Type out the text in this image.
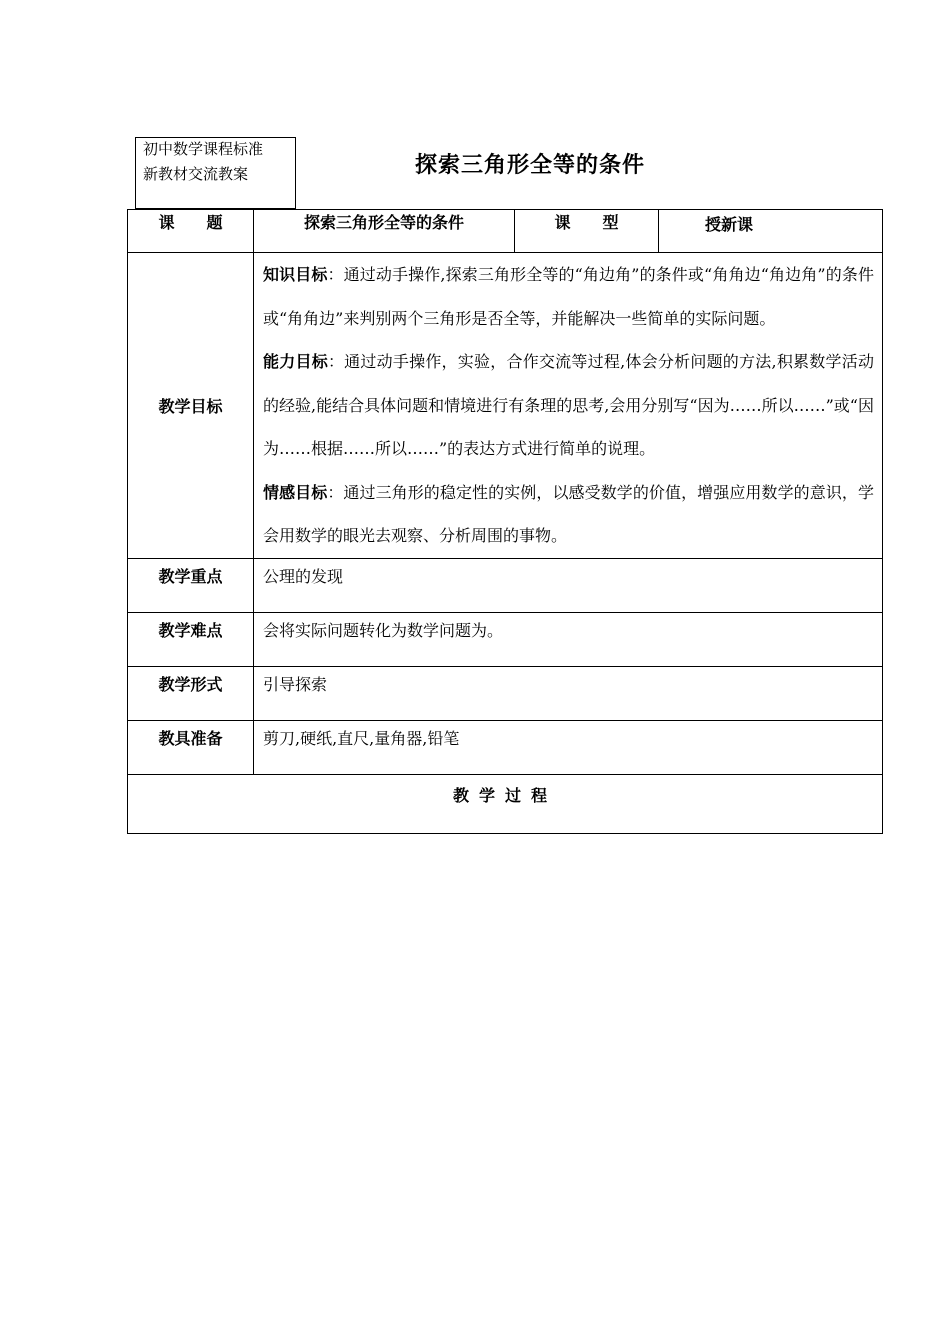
初中数学课程标准
新教材交流教案	探索三角形全等的条件
课　　题	探索三角形全等的条件	课　　型	授新课
教学目标	知识目标：通过动手操作,探索三角形全等的“角边角”的条件或“角角边“角边角”的条件或“角角边”来判别两个三角形是否全等，并能解决一些简单的实际问题。

能力目标：通过动手操作，实验，合作交流等过程,体会分析问题的方法,积累数学活动的经验,能结合具体问题和情境进行有条理的思考,会用分别写“因为……所以……”或“因为……根据……所以……”的表达方式进行简单的说理。

情感目标：通过三角形的稳定性的实例，以感受数学的价值，增强应用数学的意识，学会用数学的眼光去观察、分析周围的事物。		

教学重点	公理的发现		
教学难点	会将实际问题转化为数学问题为。		
教学形式	引导探索		
教具准备	剪刀,硬纸,直尺,量角器,铅笔		
教学过程			
